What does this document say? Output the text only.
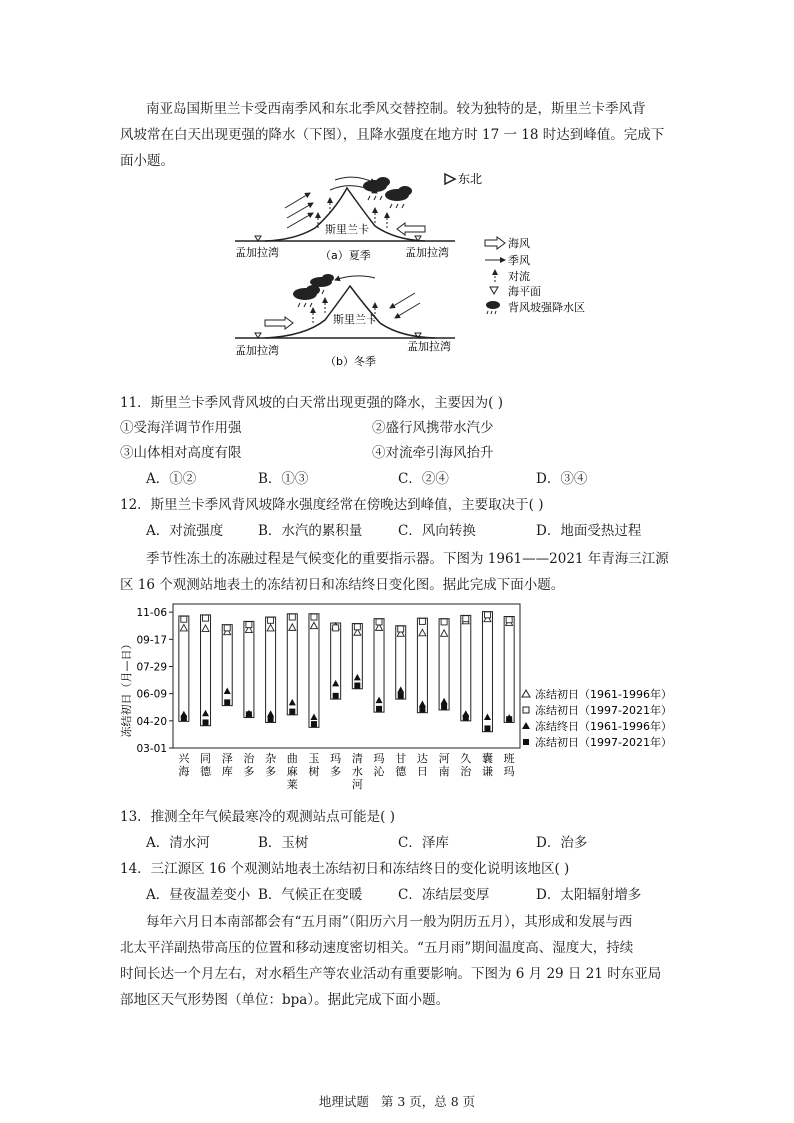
南亚岛国斯里兰卡受西南季风和东北季风交替控制。较为独特的是，斯里兰卡季风背
风坡常在白天出现更强的降水（下图），且降水强度在地方时 17 一 18 时达到峰值。完成下
面小题。
东北
斯里兰卡
孟加拉湾	孟加拉湾
（a）夏季
斯里兰卡
孟加拉湾	孟加拉湾
（b）冬季
海风
季风
对流
海平面
背风坡强降水区
11．斯里兰卡季风背风坡的白天常出现更强的降水，主要因为( )
①受海洋调节作用强	②盛行风携带水汽少
③山体相对高度有限	④对流牵引海风抬升
A．①②	B．①③	C．②④	D．③④
12．斯里兰卡季风背风坡降水强度经常在傍晚达到峰值，主要取决于( )
A．对流强度	B．水汽的累积量	C．风向转换	D．地面受热过程
季节性冻土的冻融过程是气候变化的重要指示器。下图为 1961——2021 年青海三江源
区 16 个观测站地表土的冻结初日和冻结终日变化图。据此完成下面小题。
03-01
04-20
06-09
07-29
09-17
11-06
兴海
同德
泽库
治多
杂多
曲麻莱
玉树
玛多
清水河
玛沁
甘德
达日
河南
久治
囊谦
班玛
冻结初日（月—日）	冻结初日（1961-1996年）
冻结初日（1997-2021年）
冻结终日（1961-1996年）
冻结初日（1997-2021年）
13．推测全年气候最寒冷的观测站点可能是( )
A．清水河	B．玉树	C．泽库	D．治多
14．三江源区 16 个观测站地表土冻结初日和冻结终日的变化说明该地区( )
A．昼夜温差变小 B．气候正在变暖	C．冻结层变厚	D．太阳辐射增多
每年六月日本南部都会有“五月雨”（阳历六月一般为阴历五月），其形成和发展与西
北太平洋副热带高压的位置和移动速度密切相关。“五月雨”期间温度高、湿度大，持续
时间长达一个月左右，对水稻生产等农业活动有重要影响。下图为 6 月 29 日 21 时东亚局
部地区天气形势图（单位：bpa）。据此完成下面小题。
地理试题 第 3 页，总 8 页
